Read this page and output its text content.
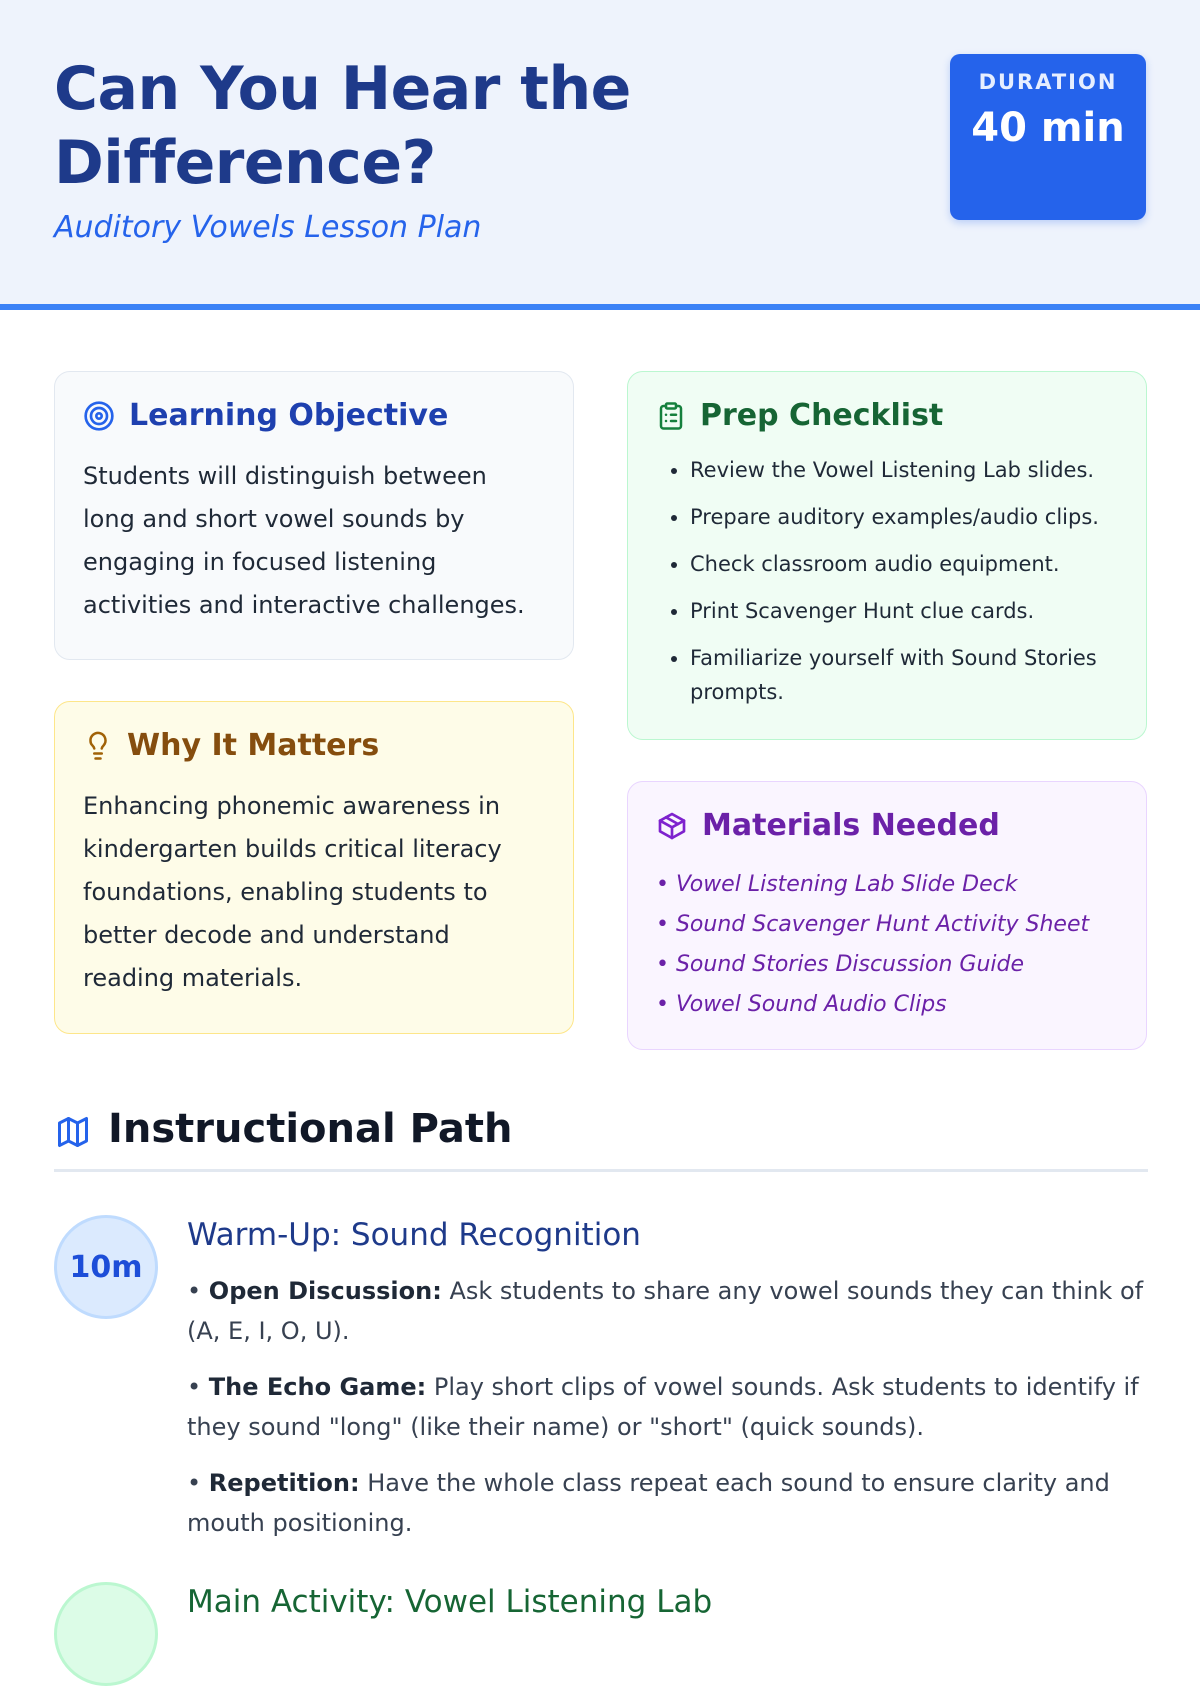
Can You Hear the Difference?
Auditory Vowels Lesson Plan
DURATION
40 min
Learning Objective

Students will distinguish between long and short vowel sounds by engaging in focused listening activities and interactive challenges.

Why It Matters

Enhancing phonemic awareness in kindergarten builds critical literacy foundations, enabling students to better decode and understand reading materials.

Prep Checklist
• Review the Vowel Listening Lab slides.
• Prepare auditory examples/audio clips.
• Check classroom audio equipment.
• Print Scavenger Hunt clue cards.
• Familiarize yourself with Sound Stories prompts.
Materials Needed
• Vowel Listening Lab Slide Deck
• Sound Scavenger Hunt Activity Sheet
• Sound Stories Discussion Guide
• Vowel Sound Audio Clips
Instructional Path
10m
Warm-Up: Sound Recognition

• Open Discussion: Ask students to share any vowel sounds they can think of (A, E, I, O, U).

• The Echo Game: Play short clips of vowel sounds. Ask students to identify if they sound "long" (like their name) or "short" (quick sounds).

• Repetition: Have the whole class repeat each sound to ensure clarity and mouth positioning.

Main Activity: Vowel Listening Lab
